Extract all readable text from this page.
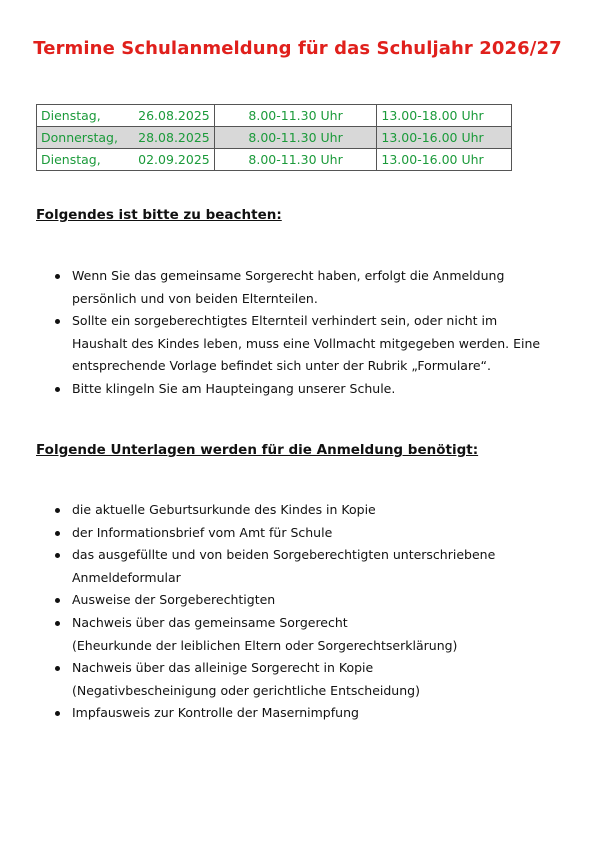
Termine Schulanmeldung für das Schuljahr 2026/27
Dienstag, 26.08.2025	8.00-11.30 Uhr	13.00-18.00 Uhr

Donnerstag, 28.08.2025	8.00-11.30 Uhr	13.00-16.00 Uhr

Dienstag, 02.09.2025	8.00-11.30 Uhr	13.00-16.00 Uhr
Folgendes ist bitte zu beachten:
Wenn Sie das gemeinsame Sorgerecht haben, erfolgt die Anmeldung
persönlich und von beiden Elternteilen.
Sollte ein sorgeberechtigtes Elternteil verhindert sein, oder nicht im
Haushalt des Kindes leben, muss eine Vollmacht mitgegeben werden. Eine
entsprechende Vorlage befindet sich unter der Rubrik „Formulare“.
Bitte klingeln Sie am Haupteingang unserer Schule.
Folgende Unterlagen werden für die Anmeldung benötigt:
die aktuelle Geburtsurkunde des Kindes in Kopie
der Informationsbrief vom Amt für Schule
das ausgefüllte und von beiden Sorgeberechtigten unterschriebene
Anmeldeformular
Ausweise der Sorgeberechtigten
Nachweis über das gemeinsame Sorgerecht
(Eheurkunde der leiblichen Eltern oder Sorgerechtserklärung)
Nachweis über das alleinige Sorgerecht in Kopie
(Negativbescheinigung oder gerichtliche Entscheidung)
Impfausweis zur Kontrolle der Masernimpfung
